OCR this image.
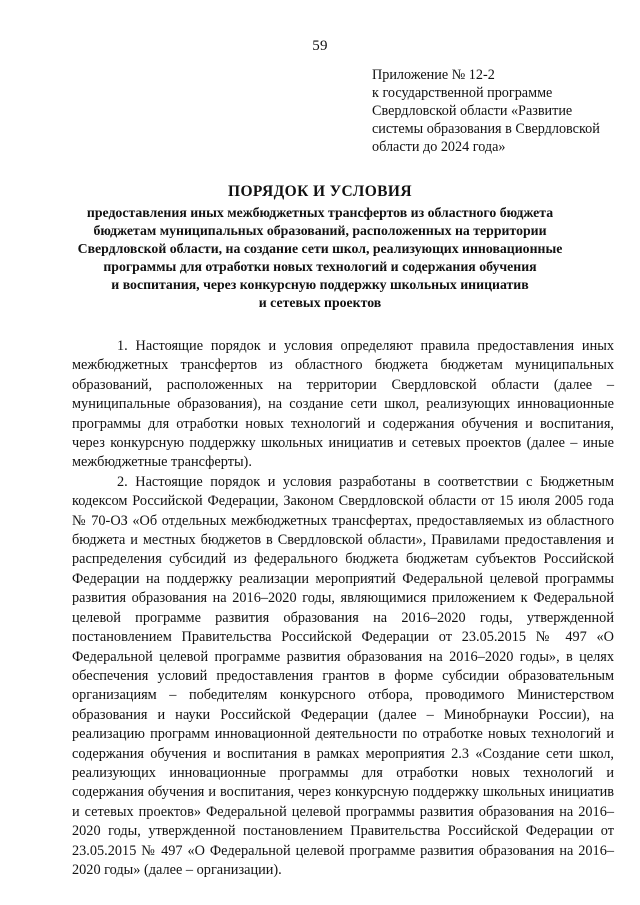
59
Приложение № 12-2
к государственной программе
Свердловской области «Развитие
системы образования в Свердловской
области до 2024 года»
ПОРЯДОК И УСЛОВИЯ
предоставления иных межбюджетных трансфертов из областного бюджета
бюджетам муниципальных образований, расположенных на территории
Свердловской области, на создание сети школ, реализующих инновационные
программы для отработки новых технологий и содержания обучения
и воспитания, через конкурсную поддержку школьных инициатив
и сетевых проектов

1. Настоящие порядок и условия определяют правила предоставления иных межбюджетных трансфертов из областного бюджета бюджетам муниципальных образований, расположенных на территории Свердловской области (далее – муниципальные образования), на создание сети школ, реализующих инновационные программы для отработки новых технологий и содержания обучения и воспитания, через конкурсную поддержку школьных инициатив и сетевых проектов (далее – иные межбюджетные трансферты).

2. Настоящие порядок и условия разработаны в соответствии с Бюджетным кодексом Российской Федерации, Законом Свердловской области от 15 июля 2005 года № 70-ОЗ «Об отдельных межбюджетных трансфертах, предоставляемых из областного бюджета и местных бюджетов в Свердловской области», Правилами предоставления и распределения субсидий из федерального бюджета бюджетам субъектов Российской Федерации на поддержку реализации мероприятий Федеральной целевой программы развития образования на 2016–2020 годы, являющимися приложением к Федеральной целевой программе развития образования на 2016–2020 годы, утвержденной постановлением Правительства Российской Федерации от 23.05.2015 № 497 «О Федеральной целевой программе развития образования на 2016–2020 годы», в целях обеспечения условий предоставления грантов в форме субсидии образовательным организациям – победителям конкурсного отбора, проводимого Министерством образования и науки Российской Федерации (далее – Минобрнауки России), на реализацию программ инновационной деятельности по отработке новых технологий и содержания обучения и воспитания в рамках мероприятия 2.3 «Создание сети школ, реализующих инновационные программы для отработки новых технологий и содержания обучения и воспитания, через конкурсную поддержку школьных инициатив и сетевых проектов» Федеральной целевой программы развития образования на 2016–2020 годы, утвержденной постановлением Правительства Российской Федерации от 23.05.2015 № 497 «О Федеральной целевой программе развития образования на 2016–2020 годы» (далее – организации).
